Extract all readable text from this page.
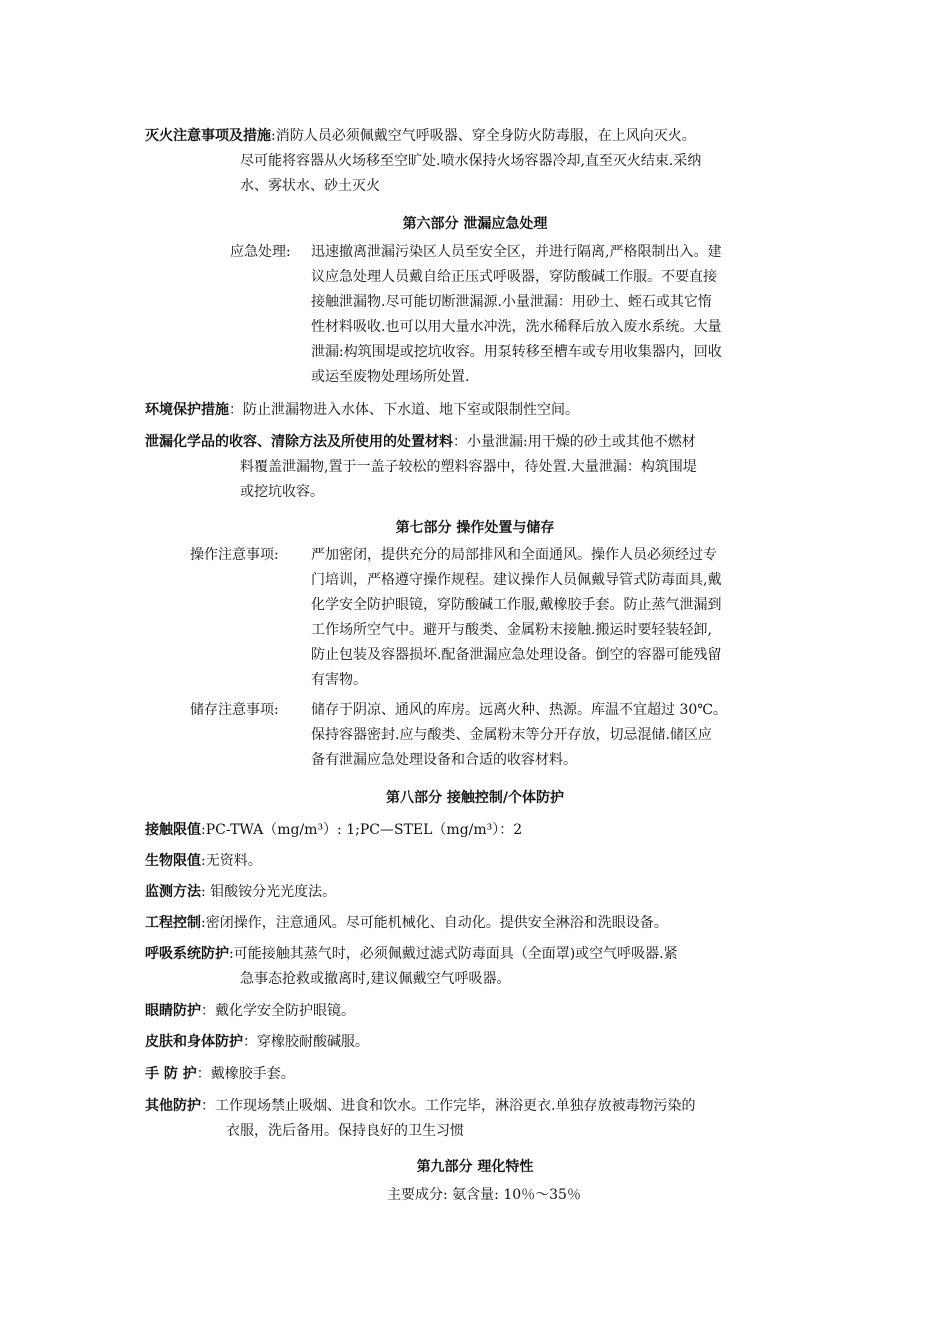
灭火注意事项及措施:消防人员必须佩戴空气呼吸器、穿全身防火防毒服，在上风向灭火。
尽可能将容器从火场移至空旷处.喷水保持火场容器冷却,直至灭火结束.采纳
水、雾状水、砂土灭火
第六部分 泄漏应急处理
应急处理: 迅速撤离泄漏污染区人员至安全区，并进行隔离,严格限制出入。建
议应急处理人员戴自给正压式呼吸器，穿防酸碱工作服。不要直接
接触泄漏物.尽可能切断泄漏源.小量泄漏：用砂土、蛭石或其它惰
性材料吸收.也可以用大量水冲洗，洗水稀释后放入废水系统。大量
泄漏:构筑围堤或挖坑收容。用泵转移至槽车或专用收集器内，回收
或运至废物处理场所处置.
环境保护措施：防止泄漏物进入水体、下水道、地下室或限制性空间。
泄漏化学品的收容、清除方法及所使用的处置材料：小量泄漏:用干燥的砂土或其他不燃材
料覆盖泄漏物,置于一盖子较松的塑料容器中，待处置.大量泄漏：构筑围堤
或挖坑收容。
第七部分 操作处置与储存
操作注意事项: 严加密闭，提供充分的局部排风和全面通风。操作人员必须经过专
门培训，严格遵守操作规程。建议操作人员佩戴导管式防毒面具,戴
化学安全防护眼镜，穿防酸碱工作服,戴橡胶手套。防止蒸气泄漏到
工作场所空气中。避开与酸类、金属粉末接触.搬运时要轻装轻卸,
防止包装及容器损坏.配备泄漏应急处理设备。倒空的容器可能残留
有害物。
储存注意事项: 储存于阴凉、通风的库房。远离火种、热源。库温不宜超过 30℃。
保持容器密封.应与酸类、金属粉末等分开存放，切忌混储.储区应
备有泄漏应急处理设备和合适的收容材料。
第八部分 接触控制/个体防护
接触限值:PC-TWA（mg/m³）: 1;PC—STEL（mg/m³）：2
生物限值:无资料。
监测方法: 钼酸铵分光光度法。
工程控制:密闭操作，注意通风。尽可能机械化、自动化。提供安全淋浴和洗眼设备。
呼吸系统防护:可能接触其蒸气时，必须佩戴过滤式防毒面具（全面罩)或空气呼吸器.紧
急事态抢救或撤离时,建议佩戴空气呼吸器。
眼睛防护：戴化学安全防护眼镜。
皮肤和身体防护：穿橡胶耐酸碱服。
手 防 护：戴橡胶手套。
其他防护：工作现场禁止吸烟、进食和饮水。工作完毕，淋浴更衣.单独存放被毒物污染的
衣服，洗后备用。保持良好的卫生习惯
第九部分 理化特性
主要成分: 氨含量: 10％～35％
